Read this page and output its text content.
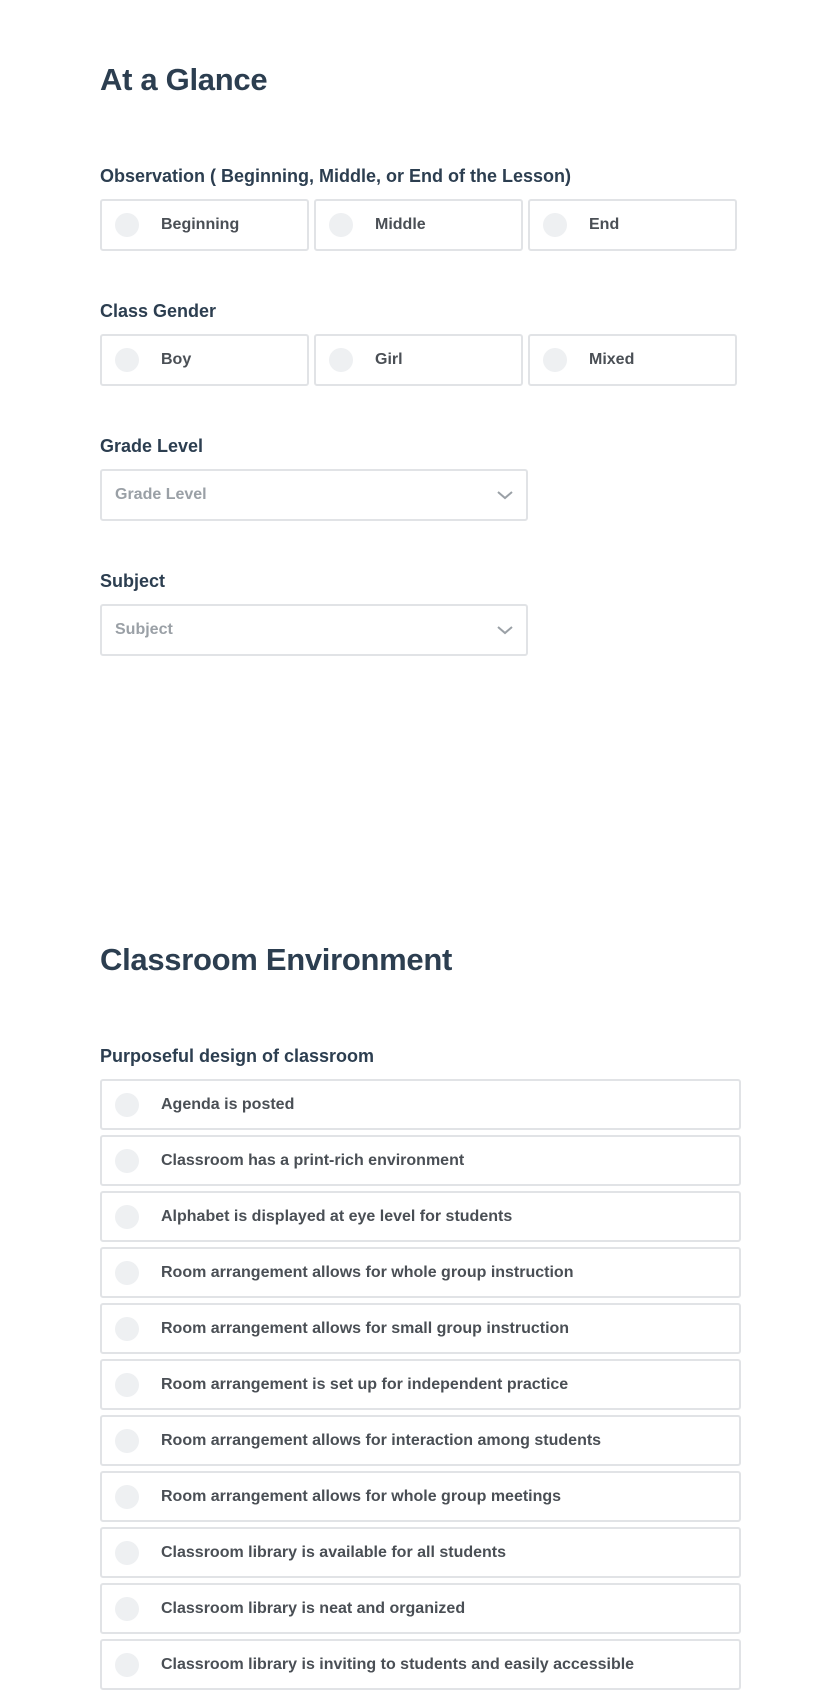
At a Glance
Observation ( Beginning, Middle, or End of the Lesson)
Beginning	Middle	End
Class Gender
Boy	Girl	Mixed
Grade Level
Grade Level
Subject
Subject
Classroom Environment
Purposeful design of classroom
Agenda is posted
Classroom has a print-rich environment
Alphabet is displayed at eye level for students
Room arrangement allows for whole group instruction
Room arrangement allows for small group instruction
Room arrangement is set up for independent practice
Room arrangement allows for interaction among students
Room arrangement allows for whole group meetings
Classroom library is available for all students
Classroom library is neat and organized
Classroom library is inviting to students and easily accessible
